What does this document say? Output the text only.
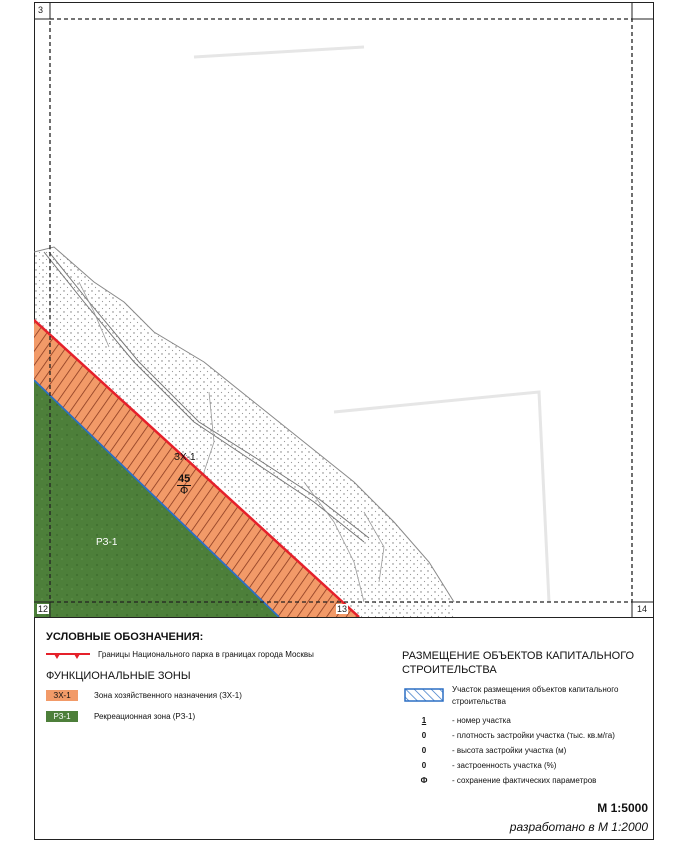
3
12	13	14
ЗХ-1
45
Ф
РЗ-1
УСЛОВНЫЕ ОБОЗНАЧЕНИЯ:
Границы Национального парка в границах города Москвы
ФУНКЦИОНАЛЬНЫЕ ЗОНЫ
ЗХ-1	Зона хозяйственного назначения (ЗХ-1)
РЗ-1	Рекреационная зона (РЗ-1)
РАЗМЕЩЕНИЕ ОБЪЕКТОВ КАПИТАЛЬНОГО СТРОИТЕЛЬСТВА
Участок размещения объектов капитального строительства
1	- номер участка
0	- плотность застройки участка (тыс. кв.м/га)
0	- высота застройки участка (м)
0	- застроенность участка (%)
Ф	- сохранение фактических параметров
М 1:5000
разработано в М 1:2000
